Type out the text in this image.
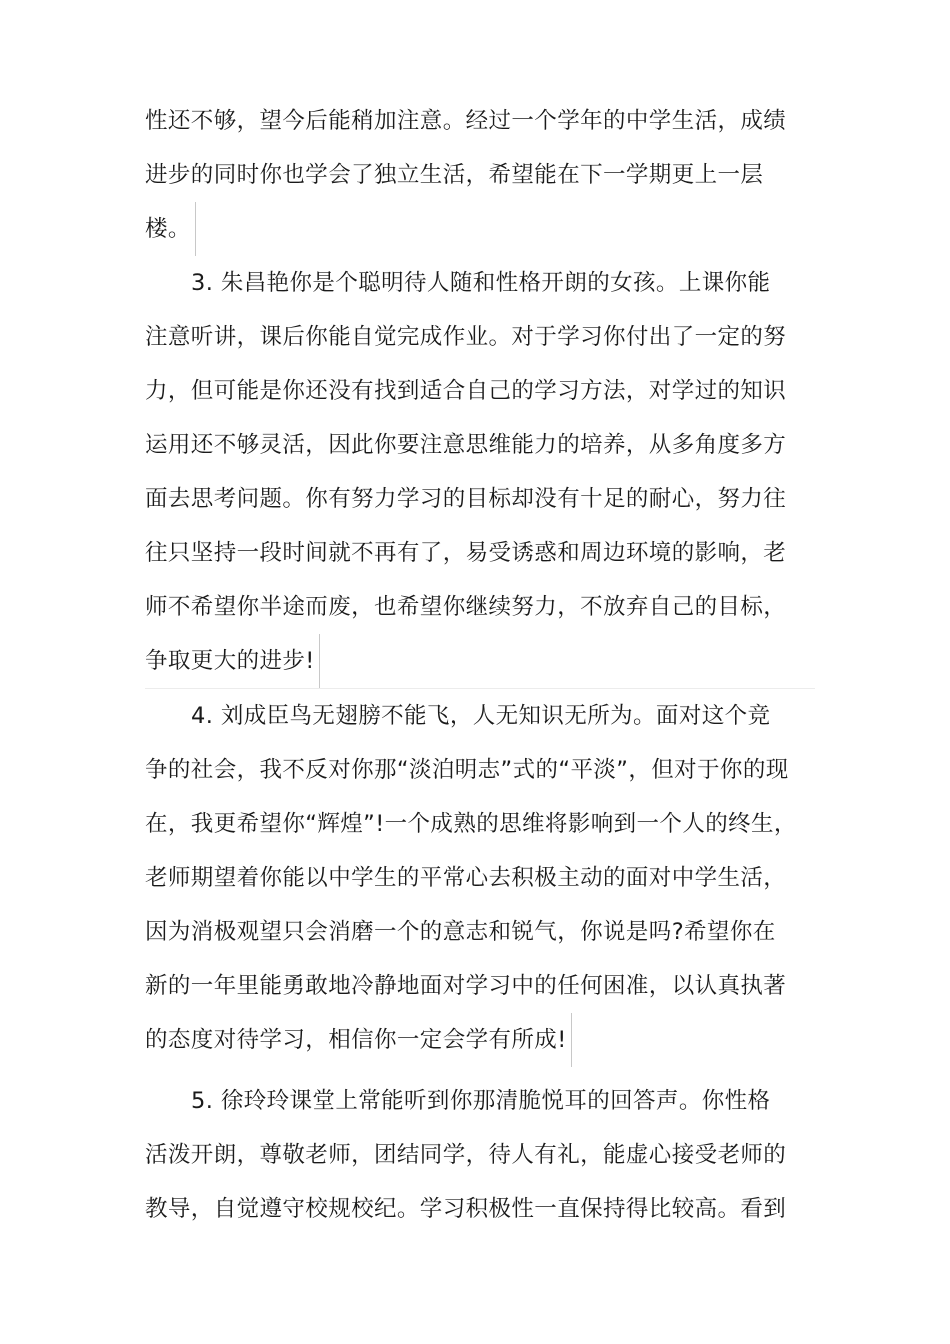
性还不够，望今后能稍加注意。经过一个学年的中学生活，成绩
进步的同时你也学会了独立生活，希望能在下一学期更上一层
楼。
3. 朱昌艳你是个聪明待人随和性格开朗的女孩。上课你能
注意听讲，课后你能自觉完成作业。对于学习你付出了一定的努
力，但可能是你还没有找到适合自己的学习方法，对学过的知识
运用还不够灵活，因此你要注意思维能力的培养，从多角度多方
面去思考问题。你有努力学习的目标却没有十足的耐心，努力往
往只坚持一段时间就不再有了，易受诱惑和周边环境的影响，老
师不希望你半途而废，也希望你继续努力，不放弃自己的目标，
争取更大的进步!
4. 刘成臣鸟无翅膀不能飞，人无知识无所为。面对这个竞
争的社会，我不反对你那“淡泊明志”式的“平淡”，但对于你的现
在，我更希望你“辉煌”!一个成熟的思维将影响到一个人的终生，
老师期望着你能以中学生的平常心去积极主动的面对中学生活，
因为消极观望只会消磨一个的意志和锐气，你说是吗?希望你在
新的一年里能勇敢地冷静地面对学习中的任何困准，以认真执著
的态度对待学习，相信你一定会学有所成!
5. 徐玲玲课堂上常能听到你那清脆悦耳的回答声。你性格
活泼开朗，尊敬老师，团结同学，待人有礼，能虚心接受老师的
教导，自觉遵守校规校纪。学习积极性一直保持得比较高。看到
